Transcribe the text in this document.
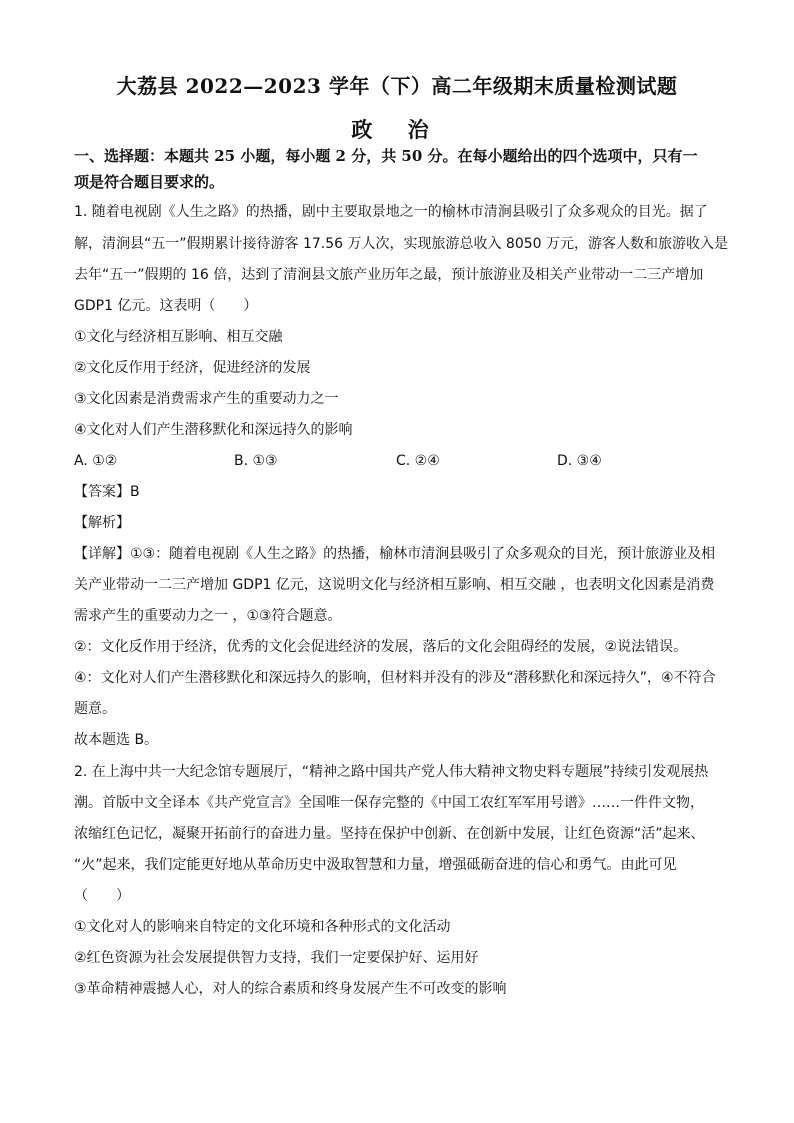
大荔县 2022—2023 学年（下）高二年级期末质量检测试题
政 治
一、选择题：本题共 25 小题，每小题 2 分，共 50 分。在每小题给出的四个选项中，只有一
项是符合题目要求的。
1. 随着电视剧《人生之路》的热播，剧中主要取景地之一的榆林市清涧县吸引了众多观众的目光。据了
解，清涧县“五一”假期累计接待游客 17.56 万人次，实现旅游总收入 8050 万元，游客人数和旅游收入是
去年“五一”假期的 16 倍，达到了清涧县文旅产业历年之最，预计旅游业及相关产业带动一二三产增加
GDP1 亿元。这表明（　　）
①文化与经济相互影响、相互交融
②文化反作用于经济，促进经济的发展
③文化因素是消费需求产生的重要动力之一
④文化对人们产生潜移默化和深远持久的影响
A. ①②	B. ①③	C. ②④	D. ③④
【答案】B
【解析】
【详解】①③：随着电视剧《人生之路》的热播，榆林市清涧县吸引了众多观众的目光，预计旅游业及相
关产业带动一二三产增加 GDP1 亿元，这说明文化与经济相互影响、相互交融 ，也表明文化因素是消费
需求产生的重要动力之一 ，①③符合题意。
②：文化反作用于经济，优秀的文化会促进经济的发展，落后的文化会阻碍经的发展，②说法错误。
④：文化对人们产生潜移默化和深远持久的影响，但材料并没有的涉及“潜移默化和深远持久”，④不符合
题意。
故本题选 B。
2. 在上海中共一大纪念馆专题展厅，“精神之路中国共产党人伟大精神文物史料专题展”持续引发观展热
潮。首版中文全译本《共产党宣言》全国唯一保存完整的《中国工农红军军用号谱》……一件件文物，
浓缩红色记忆，凝聚开拓前行的奋进力量。坚持在保护中创新、在创新中发展，让红色资源“活”起来、
“火”起来，我们定能更好地从革命历史中汲取智慧和力量，增强砥砺奋进的信心和勇气。由此可见
（　　）
①文化对人的影响来自特定的文化环境和各种形式的文化活动
②红色资源为社会发展提供智力支持，我们一定要保护好、运用好
③革命精神震撼人心，对人的综合素质和终身发展产生不可改变的影响
